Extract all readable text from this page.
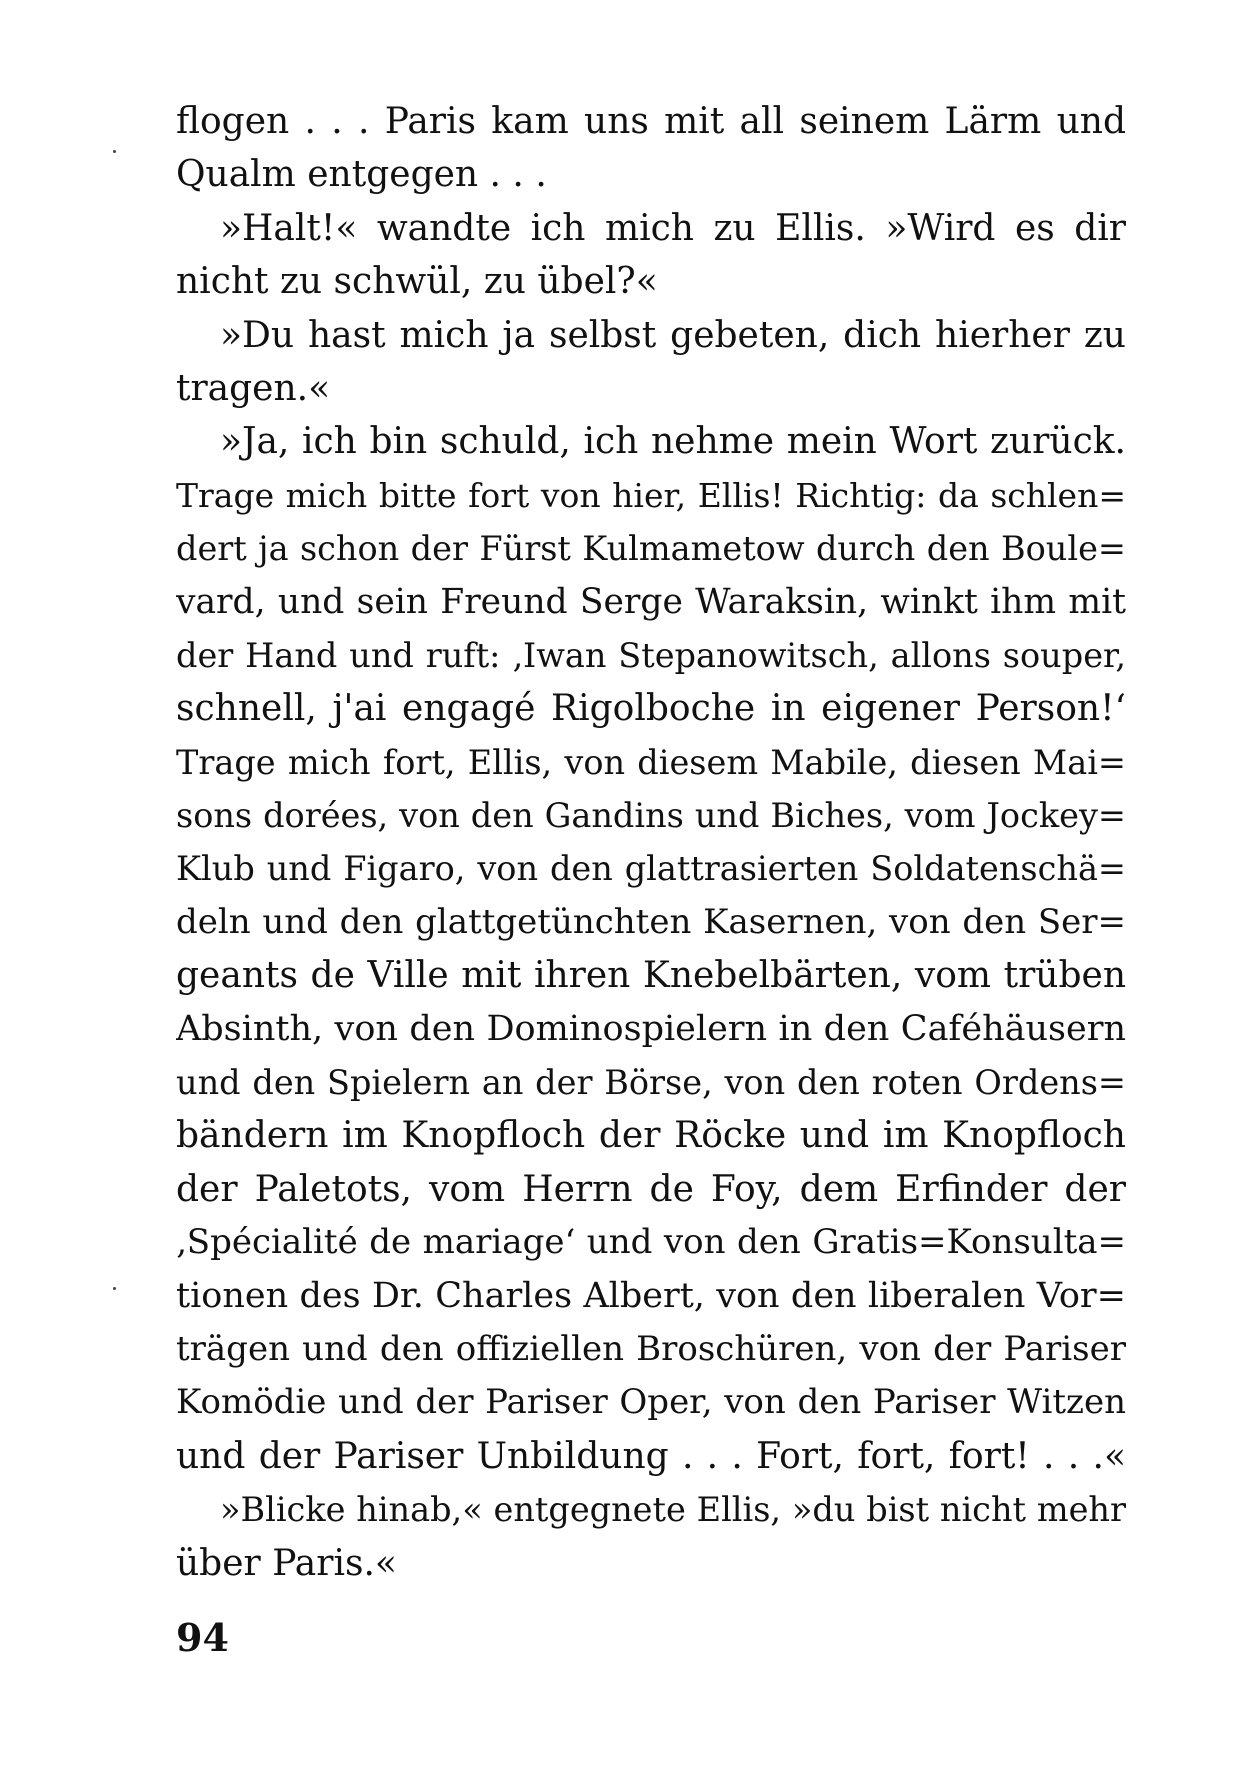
flogen . . . Paris kam uns mit all seinem Lärm und
Qualm entgegen . . .
»Halt!« wandte ich mich zu Ellis. »Wird es dir
nicht zu schwül, zu übel?«
»Du hast mich ja selbst gebeten, dich hierher zu
tragen.«
»Ja, ich bin schuld, ich nehme mein Wort zurück.
Trage mich bitte fort von hier, Ellis! Richtig: da schlen=
dert ja schon der Fürst Kulmametow durch den Boule=
vard, und sein Freund Serge Waraksin, winkt ihm mit
der Hand und ruft: ‚Iwan Stepanowitsch, allons souper,
schnell, j'ai engagé Rigolboche in eigener Person!‘
Trage mich fort, Ellis, von diesem Mabile, diesen Mai=
sons dorées, von den Gandins und Biches, vom Jockey=
Klub und Figaro, von den glattrasierten Soldatenschä=
deln und den glattgetünchten Kasernen, von den Ser=
geants de Ville mit ihren Knebelbärten, vom trüben
Absinth, von den Dominospielern in den Caféhäusern
und den Spielern an der Börse, von den roten Ordens=
bändern im Knopfloch der Röcke und im Knopfloch
der Paletots, vom Herrn de Foy, dem Erfinder der
‚Spécialité de mariage‘ und von den Gratis=Konsulta=
tionen des Dr. Charles Albert, von den liberalen Vor=
trägen und den offiziellen Broschüren, von der Pariser
Komödie und der Pariser Oper, von den Pariser Witzen
und der Pariser Unbildung . . . Fort, fort, fort! . . .«
»Blicke hinab,« entgegnete Ellis, »du bist nicht mehr
über Paris.«
94
